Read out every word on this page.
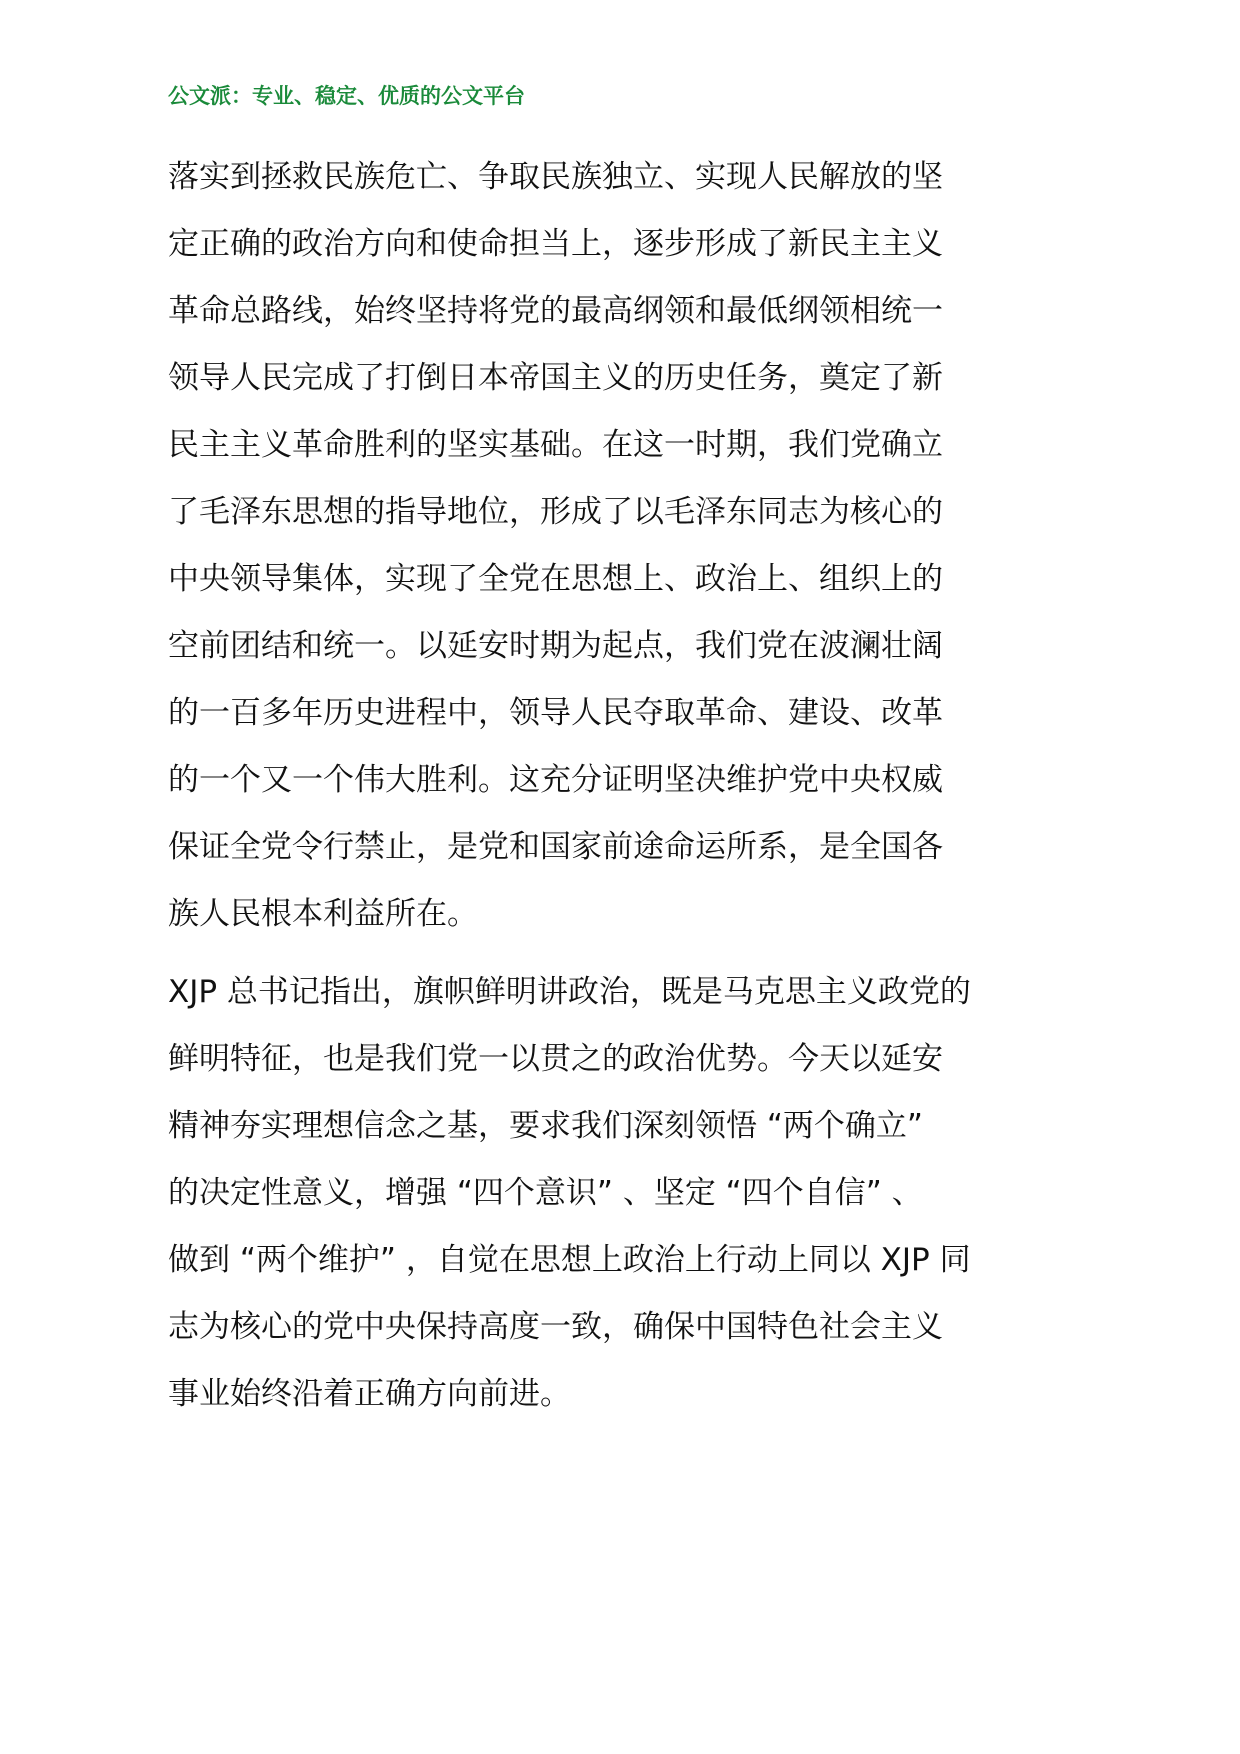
公文派：专业、稳定、优质的公文平台
落实到拯救民族危亡、争取民族独立、实现人民解放的坚
定正确的政治方向和使命担当上，逐步形成了新民主主义
革命总路线，始终坚持将党的最高纲领和最低纲领相统一
领导人民完成了打倒日本帝国主义的历史任务，奠定了新
民主主义革命胜利的坚实基础。在这一时期，我们党确立
了毛泽东思想的指导地位，形成了以毛泽东同志为核心的
中央领导集体，实现了全党在思想上、政治上、组织上的
空前团结和统一。以延安时期为起点，我们党在波澜壮阔
的一百多年历史进程中，领导人民夺取革命、建设、改革
的一个又一个伟大胜利。这充分证明坚决维护党中央权威
保证全党令行禁止，是党和国家前途命运所系，是全国各
族人民根本利益所在。
XJP 总书记指出，旗帜鲜明讲政治，既是马克思主义政党的
鲜明特征，也是我们党一以贯之的政治优势。今天以延安
精神夯实理想信念之基，要求我们深刻领悟 “两个确立”
的决定性意义，增强 “四个意识” 、坚定 “四个自信” 、
做到 “两个维护” ，自觉在思想上政治上行动上同以 XJP 同
志为核心的党中央保持高度一致，确保中国特色社会主义
事业始终沿着正确方向前进。
